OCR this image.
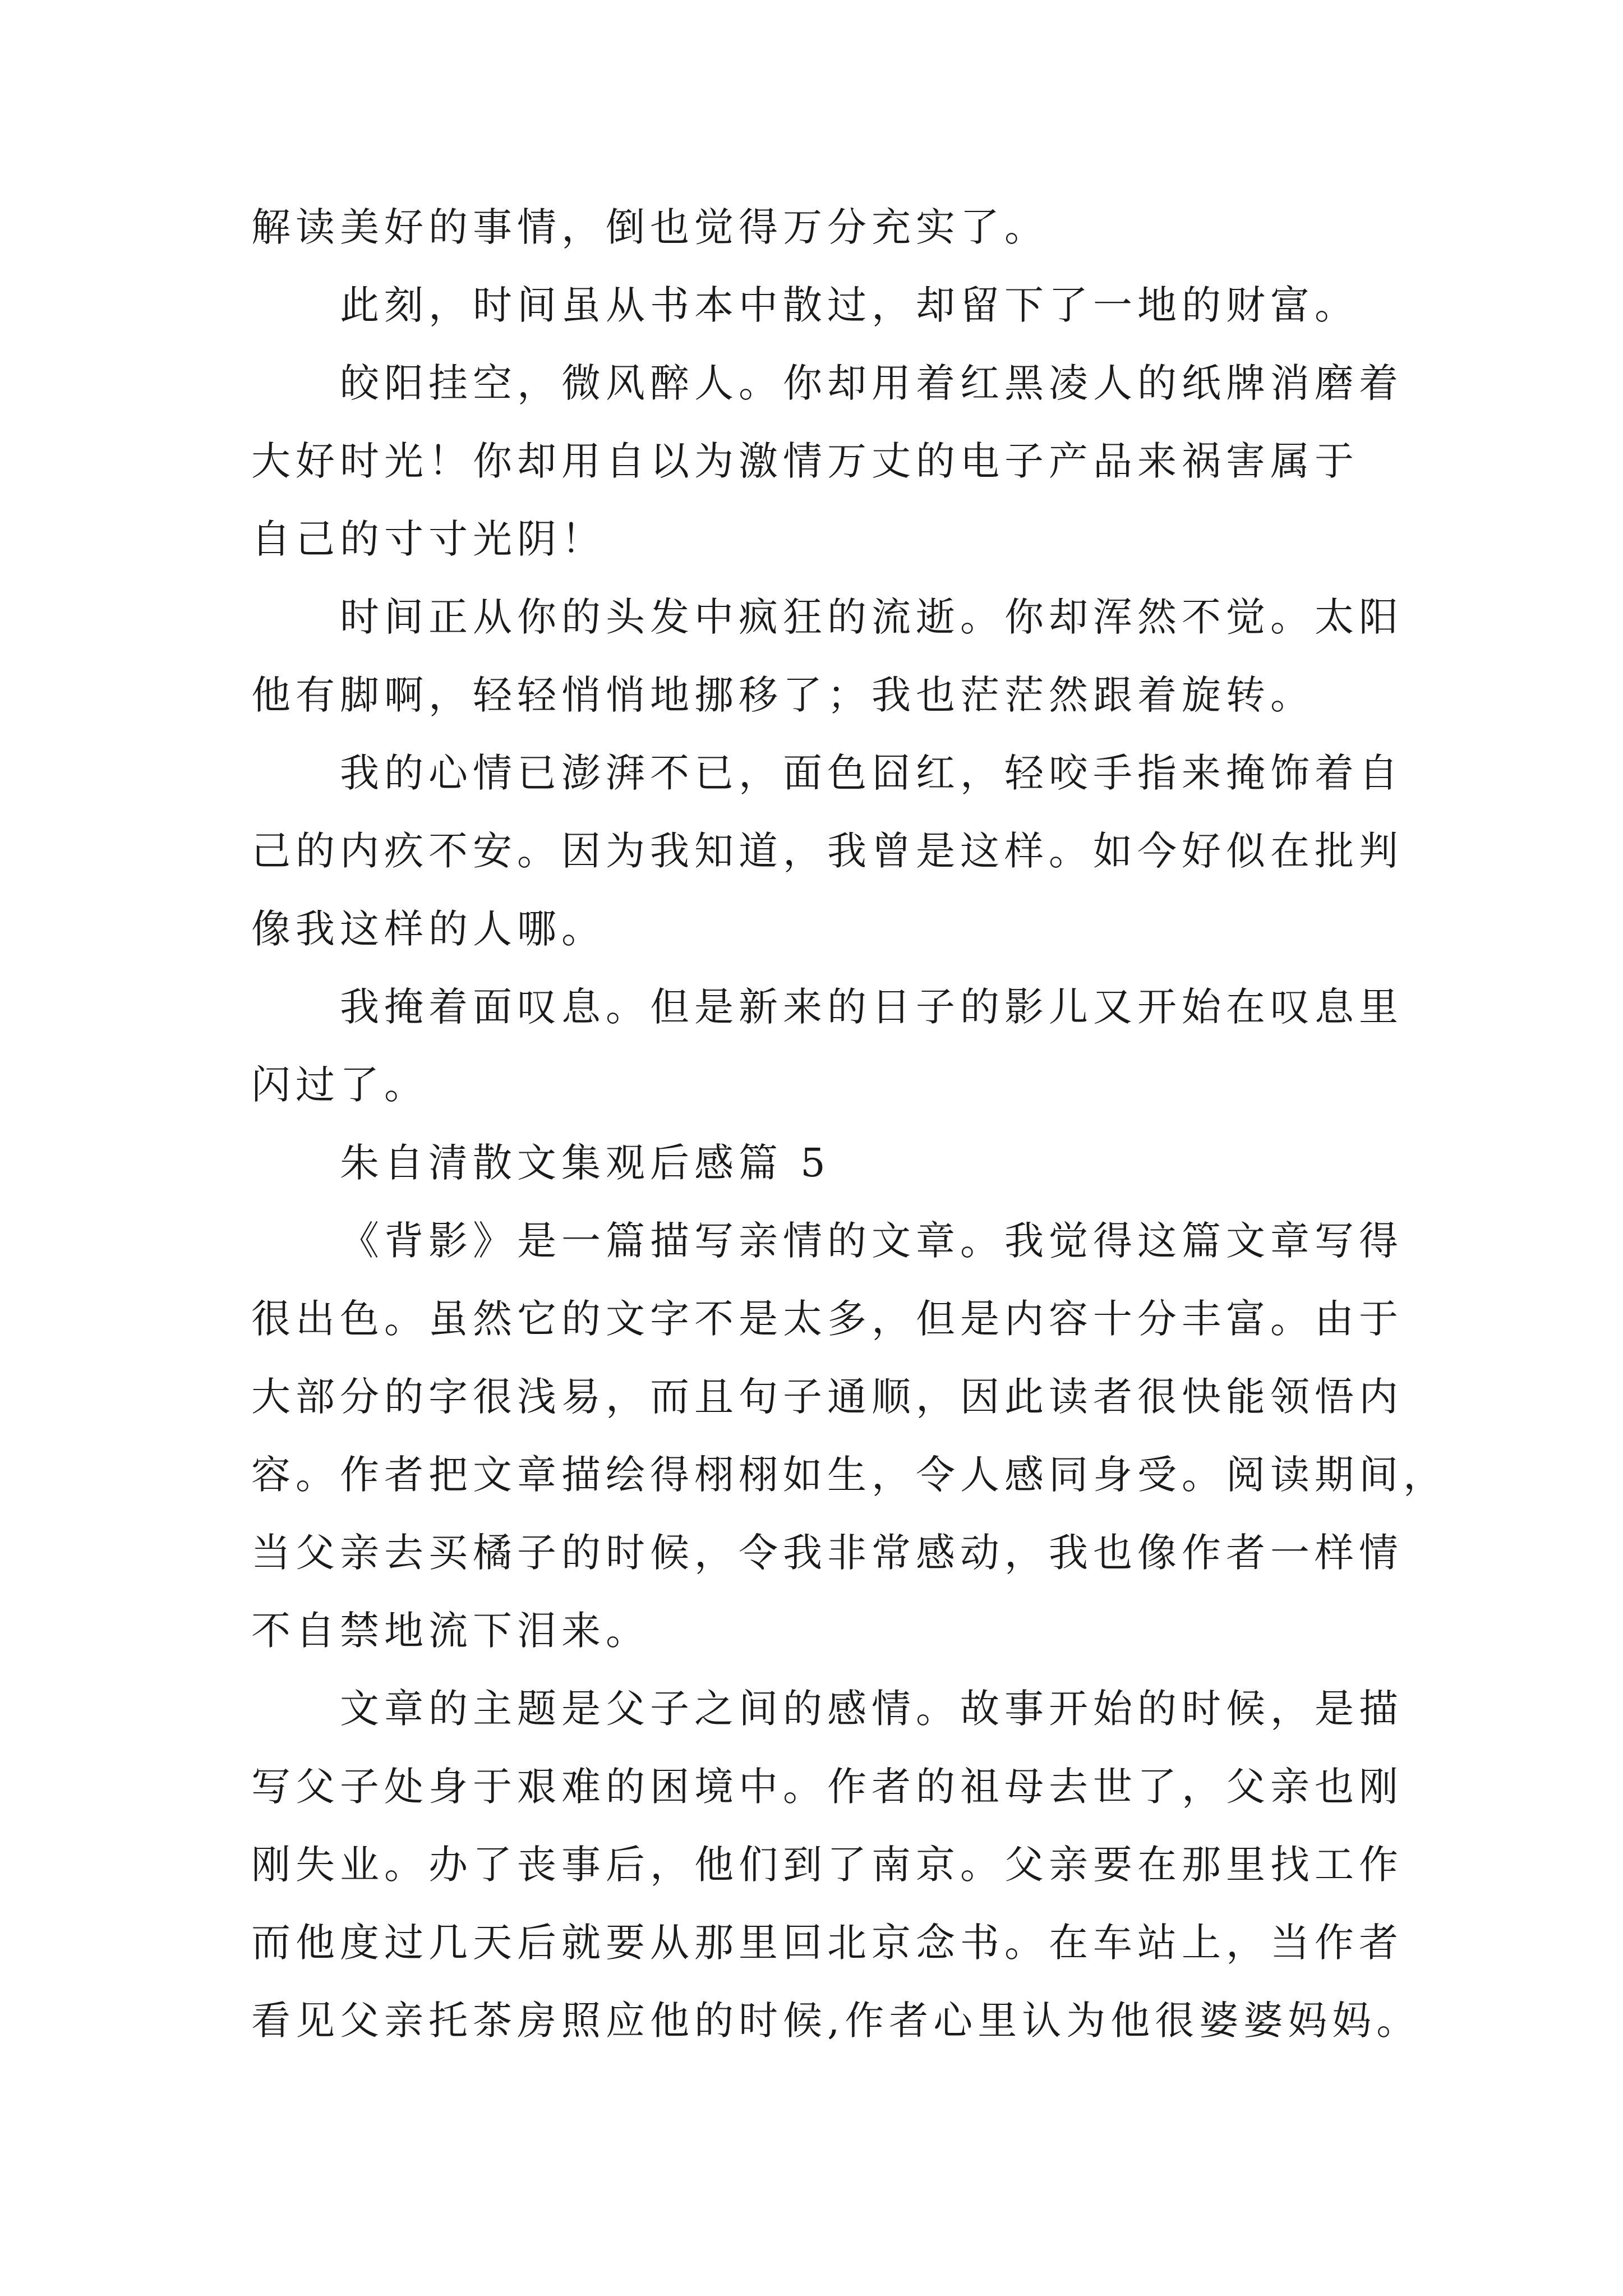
解读美好的事情，倒也觉得万分充实了。
此刻，时间虽从书本中散过，却留下了一地的财富。
皎阳挂空，微风醉人。你却用着红黑凌人的纸牌消磨着
大好时光！你却用自以为激情万丈的电子产品来祸害属于
自己的寸寸光阴！
时间正从你的头发中疯狂的流逝。你却浑然不觉。太阳
他有脚啊，轻轻悄悄地挪移了；我也茫茫然跟着旋转。
我的心情已澎湃不已，面色囧红，轻咬手指来掩饰着自
己的内疚不安。因为我知道，我曾是这样。如今好似在批判
像我这样的人哪。
我掩着面叹息。但是新来的日子的影儿又开始在叹息里
闪过了。
朱自清散文集观后感篇 5
《背影》是一篇描写亲情的文章。我觉得这篇文章写得
很出色。虽然它的文字不是太多，但是内容十分丰富。由于
大部分的字很浅易，而且句子通顺，因此读者很快能领悟内
容。作者把文章描绘得栩栩如生，令人感同身受。阅读期间，
当父亲去买橘子的时候，令我非常感动，我也像作者一样情
不自禁地流下泪来。
文章的主题是父子之间的感情。故事开始的时候，是描
写父子处身于艰难的困境中。作者的祖母去世了，父亲也刚
刚失业。办了丧事后，他们到了南京。父亲要在那里找工作
而他度过几天后就要从那里回北京念书。在车站上，当作者
看见父亲托茶房照应他的时候,作者心里认为他很婆婆妈妈。
